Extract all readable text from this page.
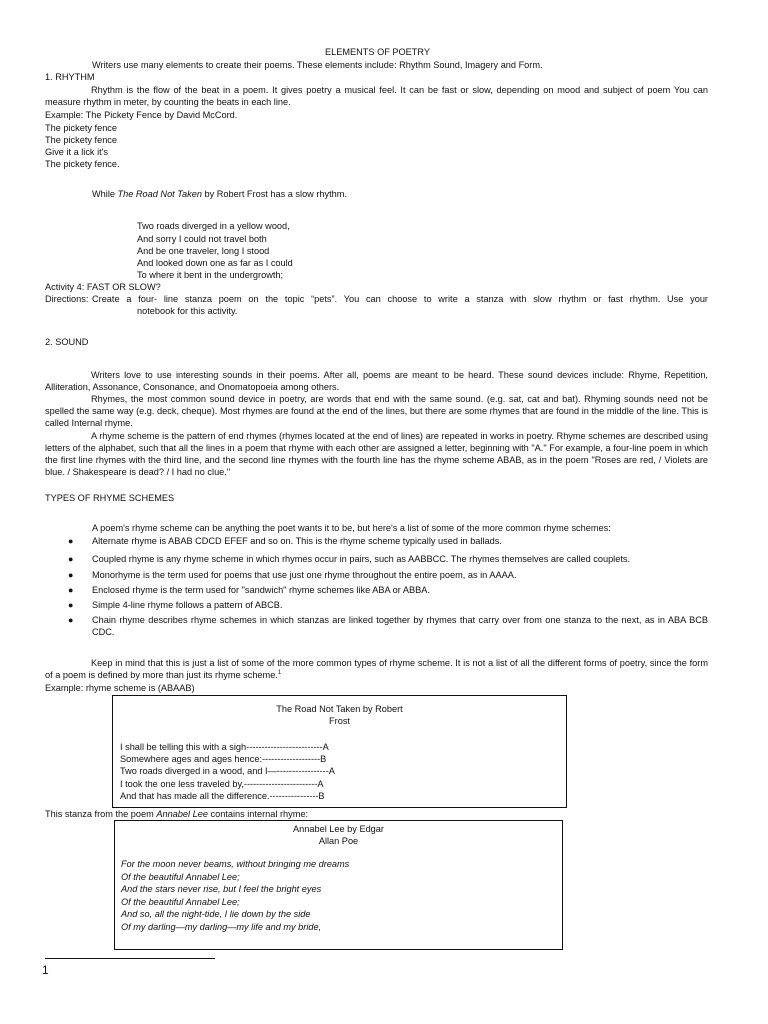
ELEMENTS OF POETRY
Writers use many elements to create their poems. These elements include: Rhythm Sound, Imagery and Form.
1. RHYTHM
Rhythm is the flow of the beat in a poem. It gives poetry a musical feel. It can be fast or slow, depending on mood and subject of poem You can measure rhythm in meter, by counting the beats in each line.
Example: The Pickety Fence by David McCord.
The pickety fence
The pickety fence
Give it a lick it's
The pickety fence.
While The Road Not Taken by Robert Frost has a slow rhythm.
Two roads diverged in a yellow wood,
And sorry I could not travel both
And be one traveler, long I stood
And looked down one as far as I could
To where it bent in the undergrowth;
Activity 4: FAST OR SLOW?
Directions: Create a four- line stanza poem on the topic “pets”. You can choose to write a stanza with slow rhythm or fast rhythm. Use your
notebook for this activity.
2. SOUND
Writers love to use interesting sounds in their poems. After all, poems are meant to be heard. These sound devices include: Rhyme, Repetition, Alliteration, Assonance, Consonance, and Onomatopoeia among others.
Rhymes, the most common sound device in poetry, are words that end with the same sound. (e.g. sat, cat and bat). Rhyming sounds need not be spelled the same way (e.g. deck, cheque). Most rhymes are found at the end of the lines, but there are some rhymes that are found in the middle of the line. This is called Internal rhyme.
A rhyme scheme is the pattern of end rhymes (rhymes located at the end of lines) are repeated in works in poetry. Rhyme schemes are described using letters of the alphabet, such that all the lines in a poem that rhyme with each other are assigned a letter, beginning with "A." For example, a four-line poem in which the first line rhymes with the third line, and the second line rhymes with the fourth line has the rhyme scheme ABAB, as in the poem "Roses are red, / Violets are blue. / Shakespeare is dead? / I had no clue."
TYPES OF RHYME SCHEMES
A poem's rhyme scheme can be anything the poet wants it to be, but here's a list of some of the more common rhyme schemes:
● Alternate rhyme is ABAB CDCD EFEF and so on. This is the rhyme scheme typically used in ballads.
● Coupled rhyme is any rhyme scheme in which rhymes occur in pairs, such as AABBCC. The rhymes themselves are called couplets.
● Monorhyme is the term used for poems that use just one rhyme throughout the entire poem, as in AAAA.
● Enclosed rhyme is the term used for "sandwich" rhyme schemes like ABA or ABBA.
● Simple 4-line rhyme follows a pattern of ABCB.
● Chain rhyme describes rhyme schemes in which stanzas are linked together by rhymes that carry over from one stanza to the next, as in ABA BCB CDC.
Keep in mind that this is just a list of some of the more common types of rhyme scheme. It is not a list of all the different forms of poetry, since the form of a poem is defined by more than just its rhyme scheme.$^1$
Example: rhyme scheme is (ABAAB)
The Road Not Taken by Robert
Frost
I shall be telling this with a sigh-------------------------A
Somewhere ages and ages hence:-------------------B
Two roads diverged in a wood, and I—-----------------A
I took the one less traveled by,------------------------A
And that has made all the difference.----------------B
This stanza from the poem Annabel Lee contains internal rhyme:
Annabel Lee by Edgar
Allan Poe
For the moon never beams, without bringing me dreams
Of the beautiful Annabel Lee;
And the stars never rise, but I feel the bright eyes
Of the beautiful Annabel Lee;
And so, all the night-tide, I lie down by the side
Of my darling—my darling—my life and my bride,
1
